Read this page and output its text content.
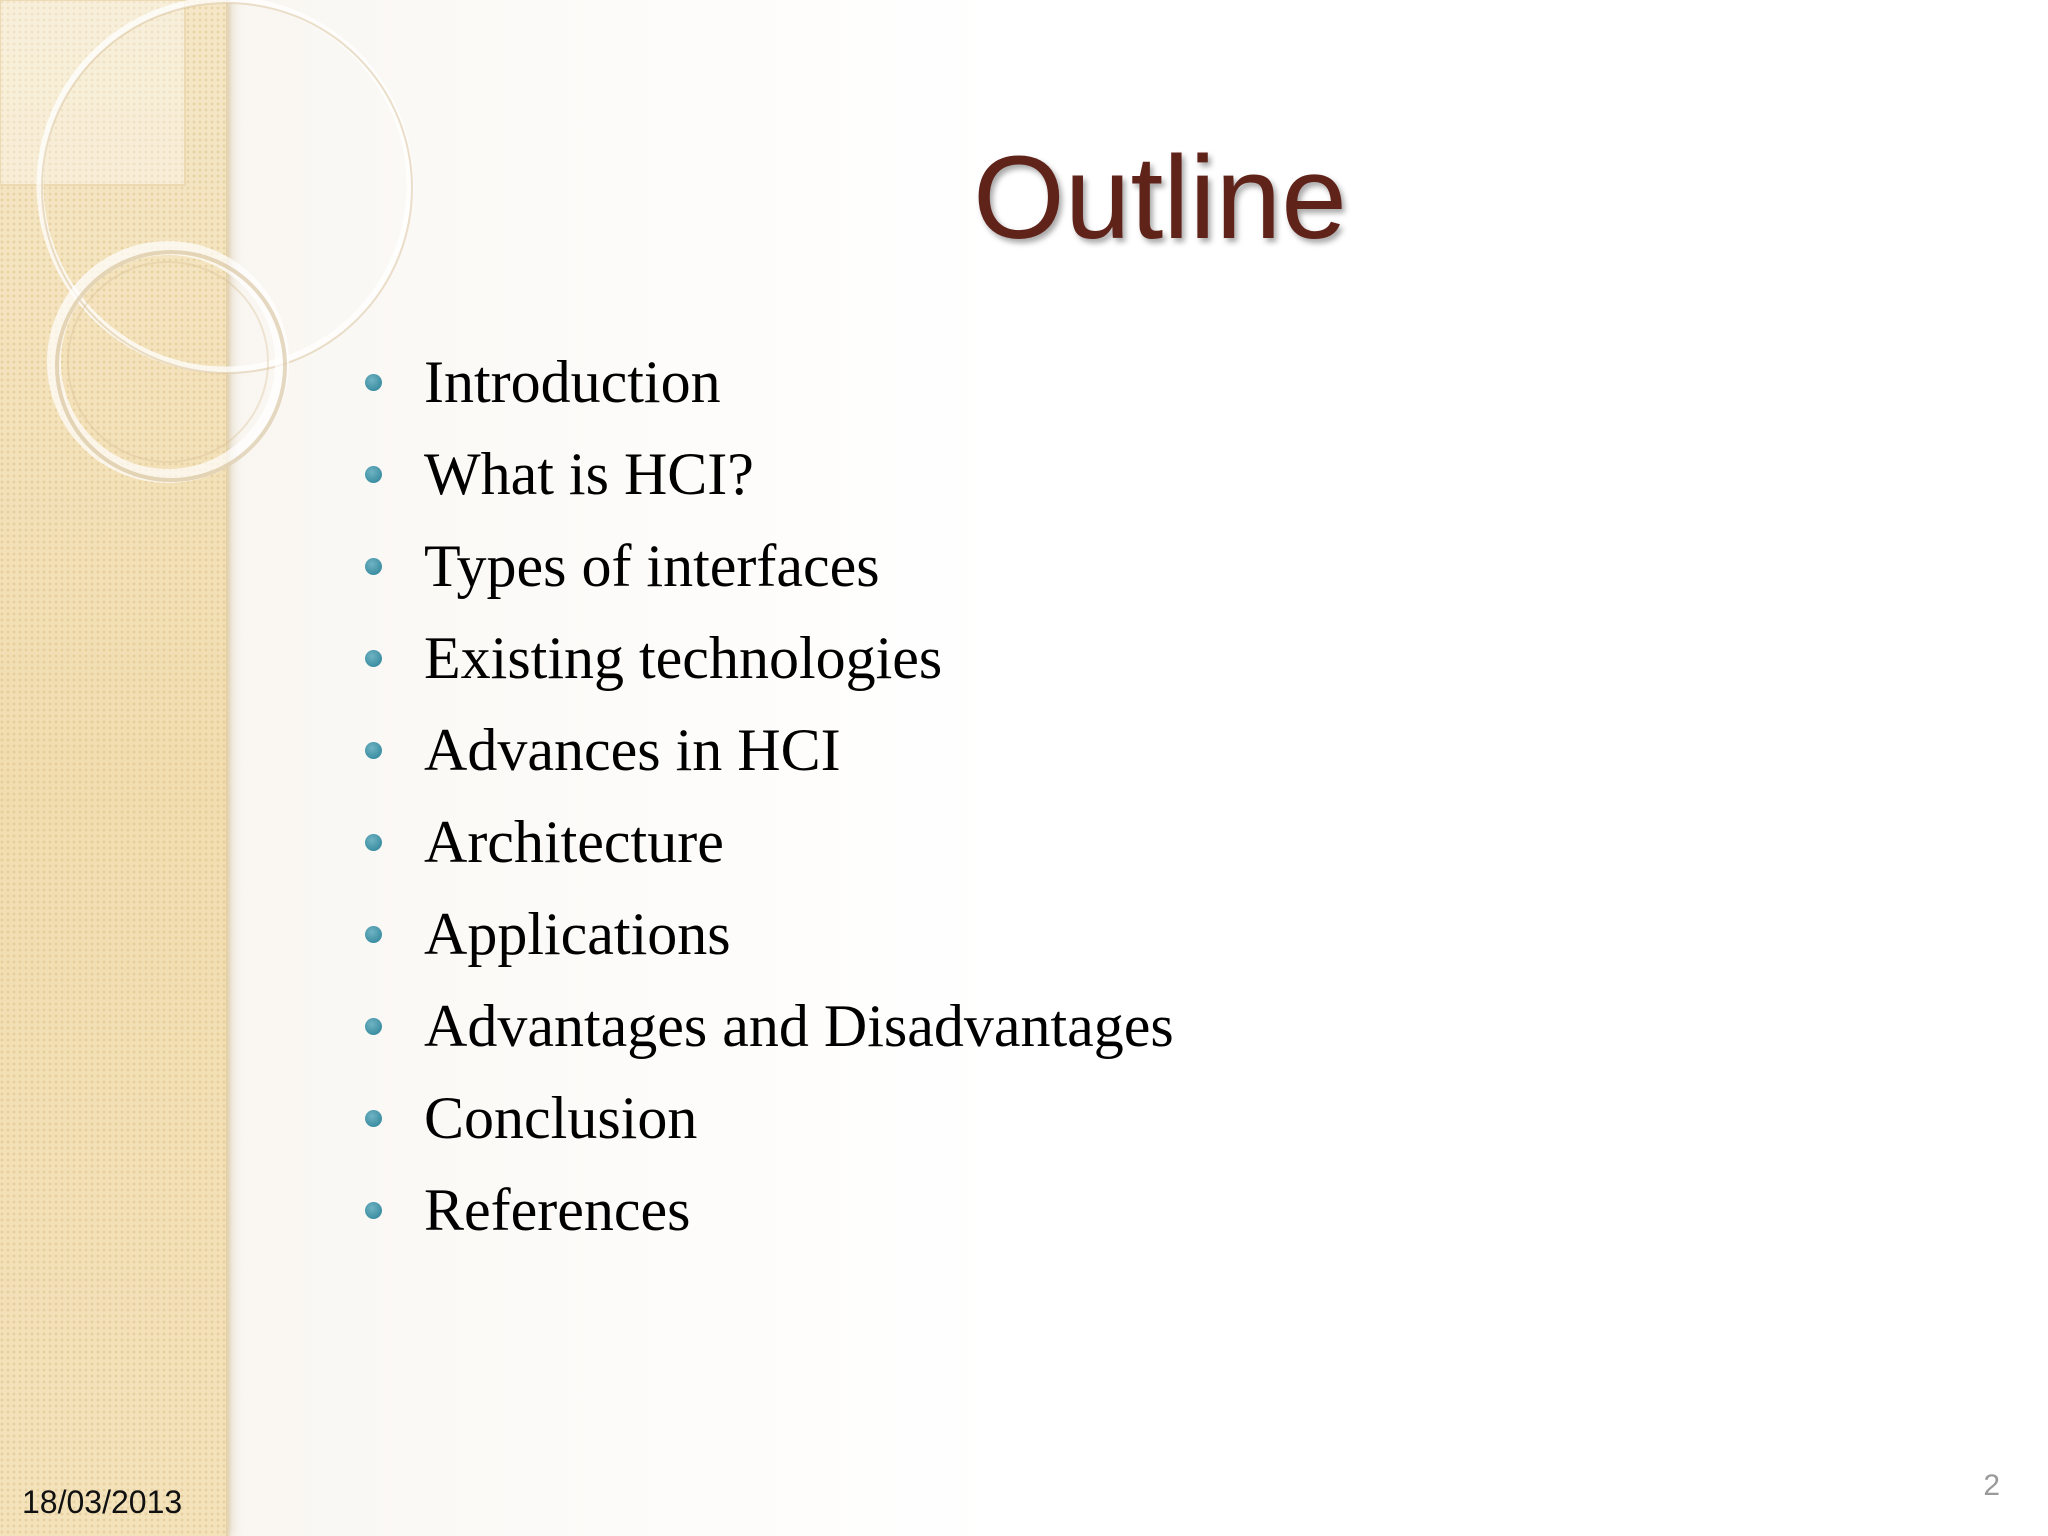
Outline
Introduction
What is HCI?
Types of interfaces
Existing technologies
Advances in HCI
Architecture
Applications
Advantages and Disadvantages
Conclusion
References
18/03/2013	2
